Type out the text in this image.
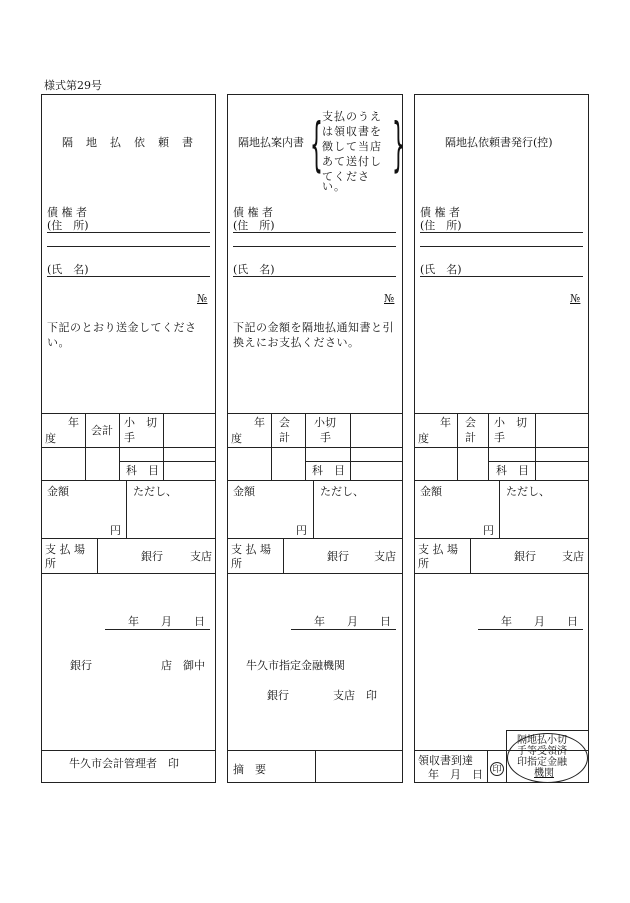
様式第29号
隔　地　払　依　頼　書
債 権 者
(住　所)
(氏　名)
№
下記のとおり送金してください。
年
度
会計
小　切
手
科　目
金額
円
ただし、
支 払 場
所
銀行 支店
年　　月　　日
銀行	店　御中
牛久市会計管理者　印
隔地払案内書 { }
支払のうえ
は領収書を
徴して当店
あて送付し
てくださ
い。
債 権 者
(住　所)
(氏　名)
№
下記の金額を隔地払通知書と引換えにお支払ください。
年
度
会
計
小切
手
科　目
金額
円
ただし、
支 払 場
所
銀行 支店
年　　月　　日
牛久市指定金融機関
銀行　　　　支店　印
摘　要
隔地払依頼書発行(控)
債 権 者
(住　所)
(氏　名)
№
年
度
会
計
小　切
手
科　目
金額
円
ただし、
支 払 場
所
銀行 支店
年　　月　　日
領収書到達
年　月　日 印
隔地払小切
手等受領済
印指定金融
機関
